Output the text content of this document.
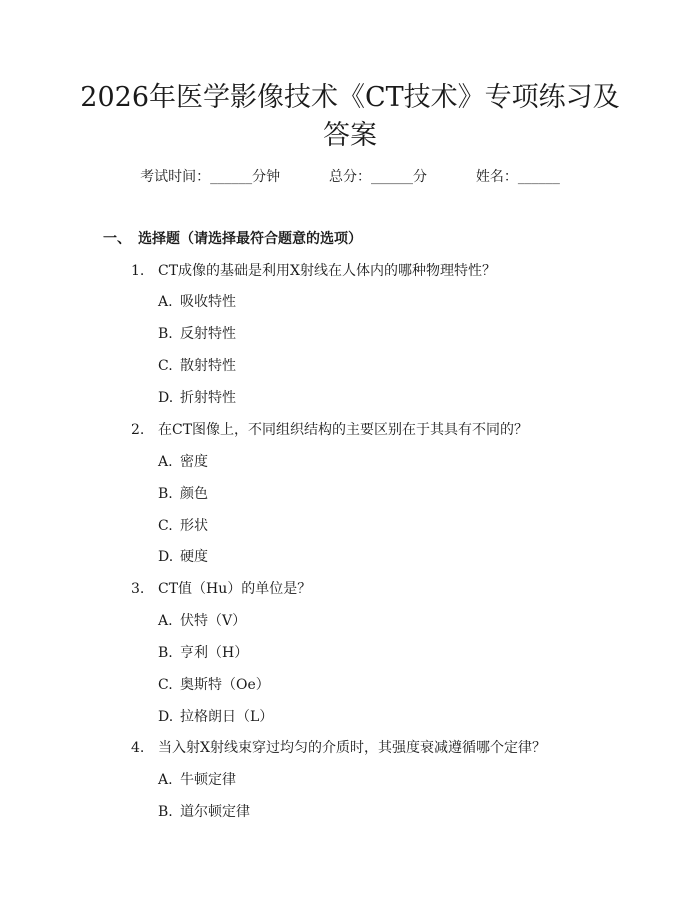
2026年医学影像技术《CT技术》专项练习及
答案
考试时间：______分钟	总分：______分	姓名：______
一、 选择题（请选择最符合题意的选项）
1. CT成像的基础是利用X射线在人体内的哪种物理特性？
A. 吸收特性
B. 反射特性
C. 散射特性
D. 折射特性
2. 在CT图像上，不同组织结构的主要区别在于其具有不同的？
A. 密度
B. 颜色
C. 形状
D. 硬度
3. CT值（Hu）的单位是？
A. 伏特（V）
B. 亨利（H）
C. 奥斯特（Oe）
D. 拉格朗日（L）
4. 当入射X射线束穿过均匀的介质时，其强度衰减遵循哪个定律？
A. 牛顿定律
B. 道尔顿定律
